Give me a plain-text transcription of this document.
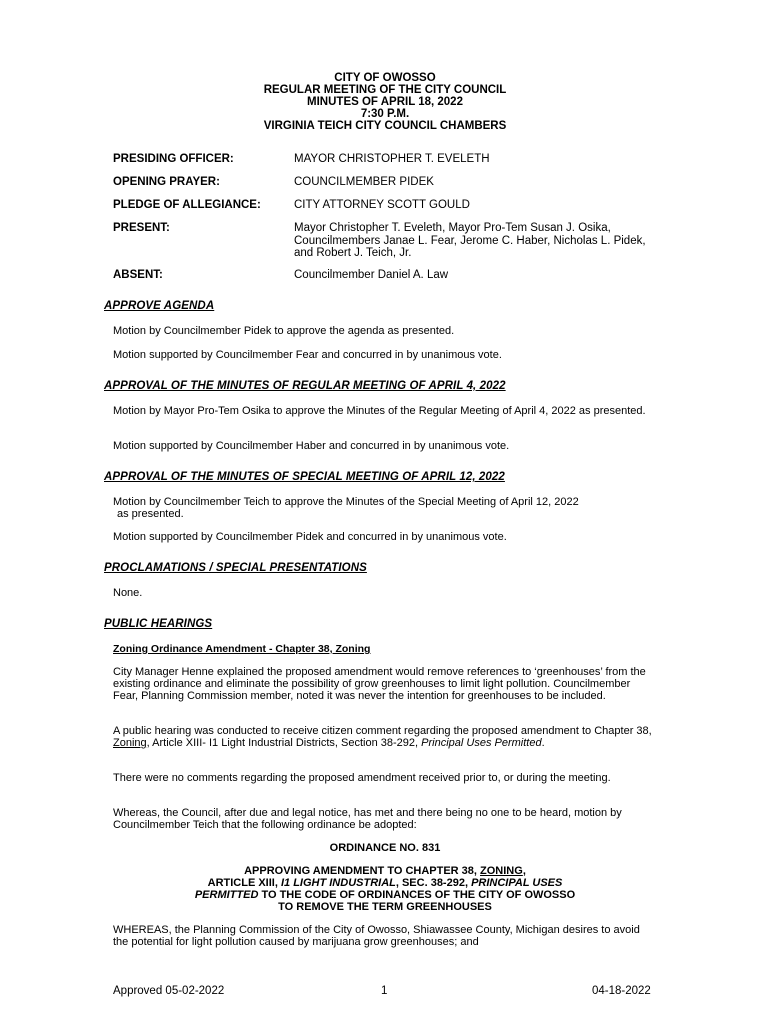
CITY OF OWOSSO
REGULAR MEETING OF THE CITY COUNCIL
MINUTES OF APRIL 18, 2022
7:30 P.M.
VIRGINIA TEICH CITY COUNCIL CHAMBERS
PRESIDING OFFICER:	MAYOR CHRISTOPHER T. EVELETH
OPENING PRAYER:	COUNCILMEMBER PIDEK
PLEDGE OF ALLEGIANCE:	CITY ATTORNEY SCOTT GOULD
PRESENT:	Mayor Christopher T. Eveleth, Mayor Pro-Tem Susan J. Osika, Councilmembers Janae L. Fear, Jerome C. Haber, Nicholas L. Pidek, and Robert J. Teich, Jr.
ABSENT:	Councilmember Daniel A. Law
APPROVE AGENDA
Motion by Councilmember Pidek to approve the agenda as presented.
Motion supported by Councilmember Fear and concurred in by unanimous vote.
APPROVAL OF THE MINUTES OF REGULAR MEETING OF APRIL 4, 2022
Motion by Mayor Pro-Tem Osika to approve the Minutes of the Regular Meeting of April 4, 2022 as presented.
Motion supported by Councilmember Haber and concurred in by unanimous vote.
APPROVAL OF THE MINUTES OF SPECIAL MEETING OF APRIL 12, 2022
Motion by Councilmember Teich to approve the Minutes of the Special Meeting of April 12, 2022
as presented.
Motion supported by Councilmember Pidek and concurred in by unanimous vote.
PROCLAMATIONS / SPECIAL PRESENTATIONS
None.
PUBLIC HEARINGS
Zoning Ordinance Amendment - Chapter 38, Zoning
City Manager Henne explained the proposed amendment would remove references to ‘greenhouses’ from the existing ordinance and eliminate the possibility of grow greenhouses to limit light pollution. Councilmember Fear, Planning Commission member, noted it was never the intention for greenhouses to be included.
A public hearing was conducted to receive citizen comment regarding the proposed amendment to Chapter 38, Zoning, Article XIII- I1 Light Industrial Districts, Section 38-292, Principal Uses Permitted.
There were no comments regarding the proposed amendment received prior to, or during the meeting.
Whereas, the Council, after due and legal notice, has met and there being no one to be heard, motion by Councilmember Teich that the following ordinance be adopted:
ORDINANCE NO. 831
APPROVING AMENDMENT TO CHAPTER 38, ZONING,
ARTICLE XIII, I1 LIGHT INDUSTRIAL, SEC. 38-292, PRINCIPAL USES
PERMITTED TO THE CODE OF ORDINANCES OF THE CITY OF OWOSSO
TO REMOVE THE TERM GREENHOUSES
WHEREAS, the Planning Commission of the City of Owosso, Shiawassee County, Michigan desires to avoid the potential for light pollution caused by marijuana grow greenhouses; and
Approved 05-02-2022	1	04-18-2022
